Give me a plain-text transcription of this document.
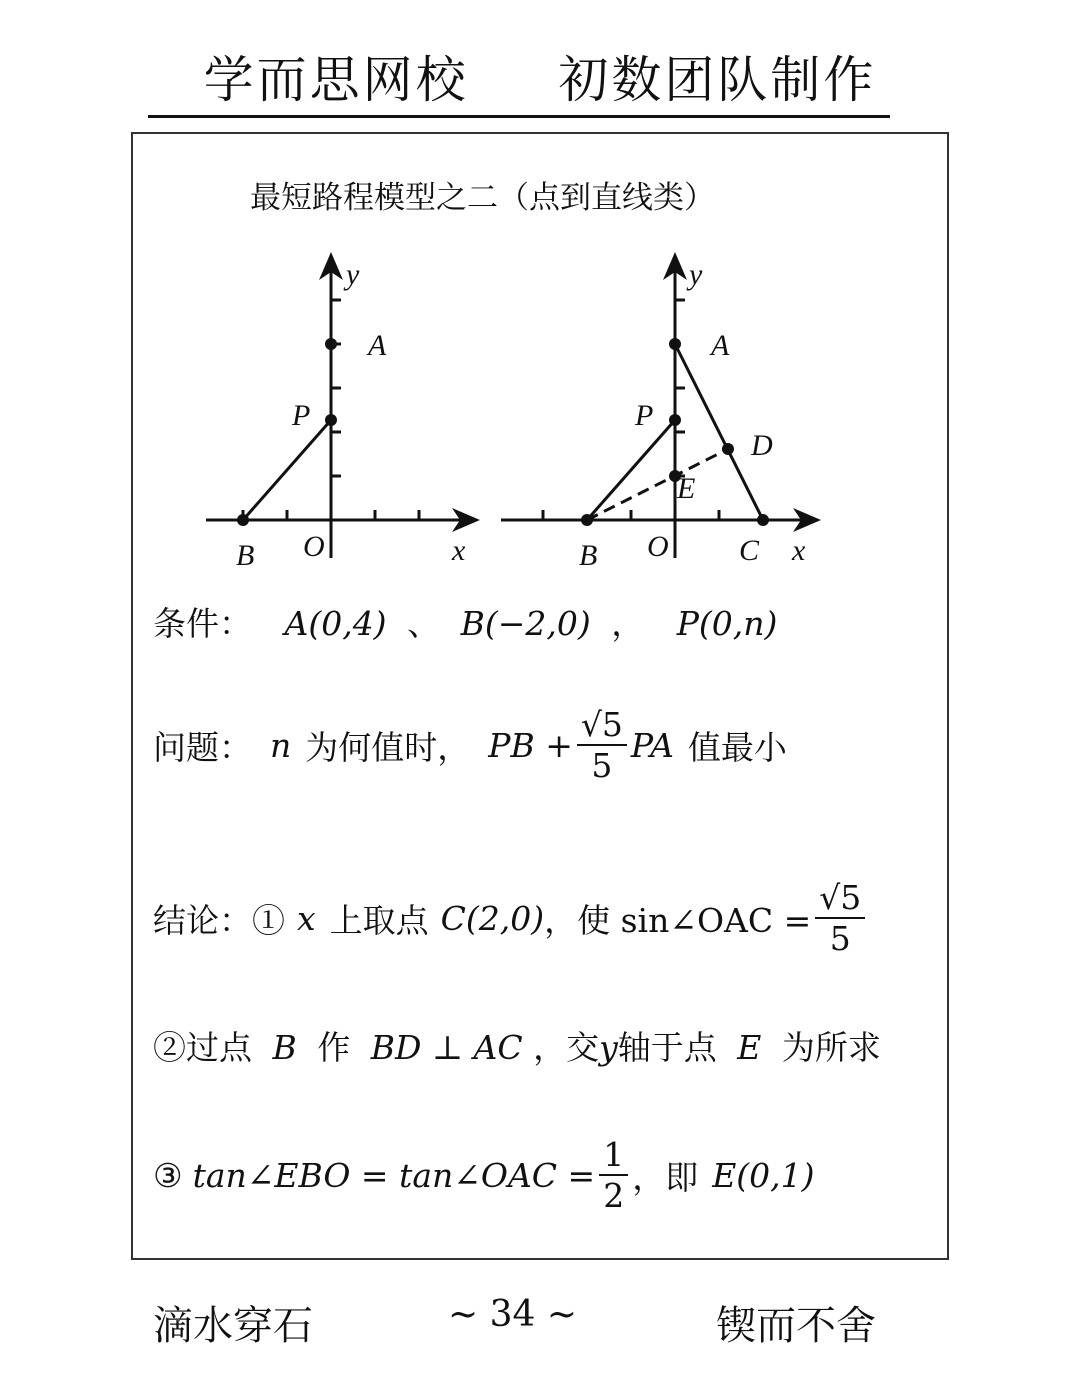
学而思网校 初数团队制作
最短路程模型之二（点到直线类）
y
A
P
B O	x
y
A
P
D
E
B O C x
条件： A(0,4) 、 B(−2,0) ， P(0,n)
问题： n 为何值时， PB + $\frac{√5}{5}$ PA 值最小
结论：① x 上取点 C(2,0) ，使 sin∠OAC = $\frac{√5}{5}$
②过点 B 作 BD ⊥ AC ，交y轴于点 E 为所求
③ tan∠EBO = tan∠OAC = $\frac{1}{2}$ ，即 E(0,1)
滴水穿石	~ 34 ~	锲而不舍
